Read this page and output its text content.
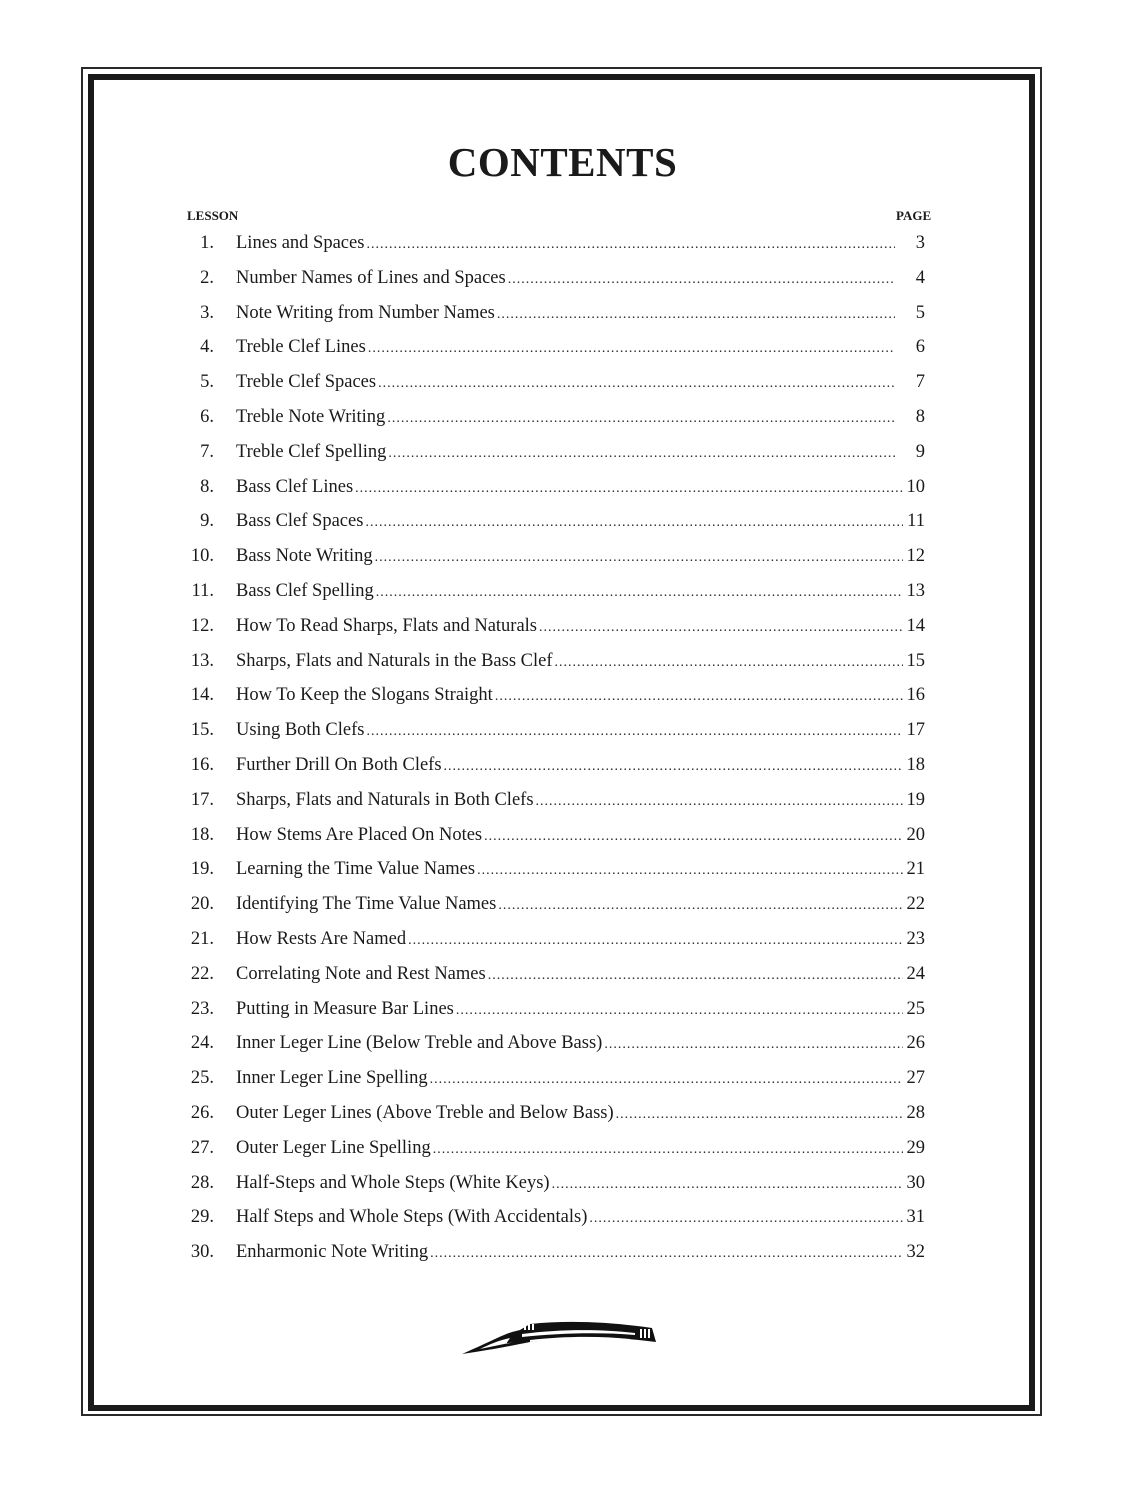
CONTENTS
LESSON	PAGE
1. Lines and Spaces .....	3
2. Number Names of Lines and Spaces .....	4
3. Note Writing from Number Names .....	5
4. Treble Clef Lines .....	6
5. Treble Clef Spaces .....	7
6. Treble Note Writing .....	8
7. Treble Clef Spelling .....	9
8. Bass Clef Lines .....	10
9. Bass Clef Spaces .....	11
10. Bass Note Writing .....	12
11. Bass Clef Spelling .....	13
12. How To Read Sharps, Flats and Naturals .....	14
13. Sharps, Flats and Naturals in the Bass Clef .....	15
14. How To Keep the Slogans Straight .....	16
15. Using Both Clefs .....	17
16. Further Drill On Both Clefs .....	18
17. Sharps, Flats and Naturals in Both Clefs .....	19
18. How Stems Are Placed On Notes .....	20
19. Learning the Time Value Names .....	21
20. Identifying The Time Value Names .....	22
21. How Rests Are Named .....	23
22. Correlating Note and Rest Names .....	24
23. Putting in Measure Bar Lines .....	25
24. Inner Leger Line (Below Treble and Above Bass) .....	26
25. Inner Leger Line Spelling .....	27
26. Outer Leger Lines (Above Treble and Below Bass) .....	28
27. Outer Leger Line Spelling .....	29
28. Half-Steps and Whole Steps (White Keys) .....	30
29. Half Steps and Whole Steps (With Accidentals) .....	31
30. Enharmonic Note Writing .....	32
